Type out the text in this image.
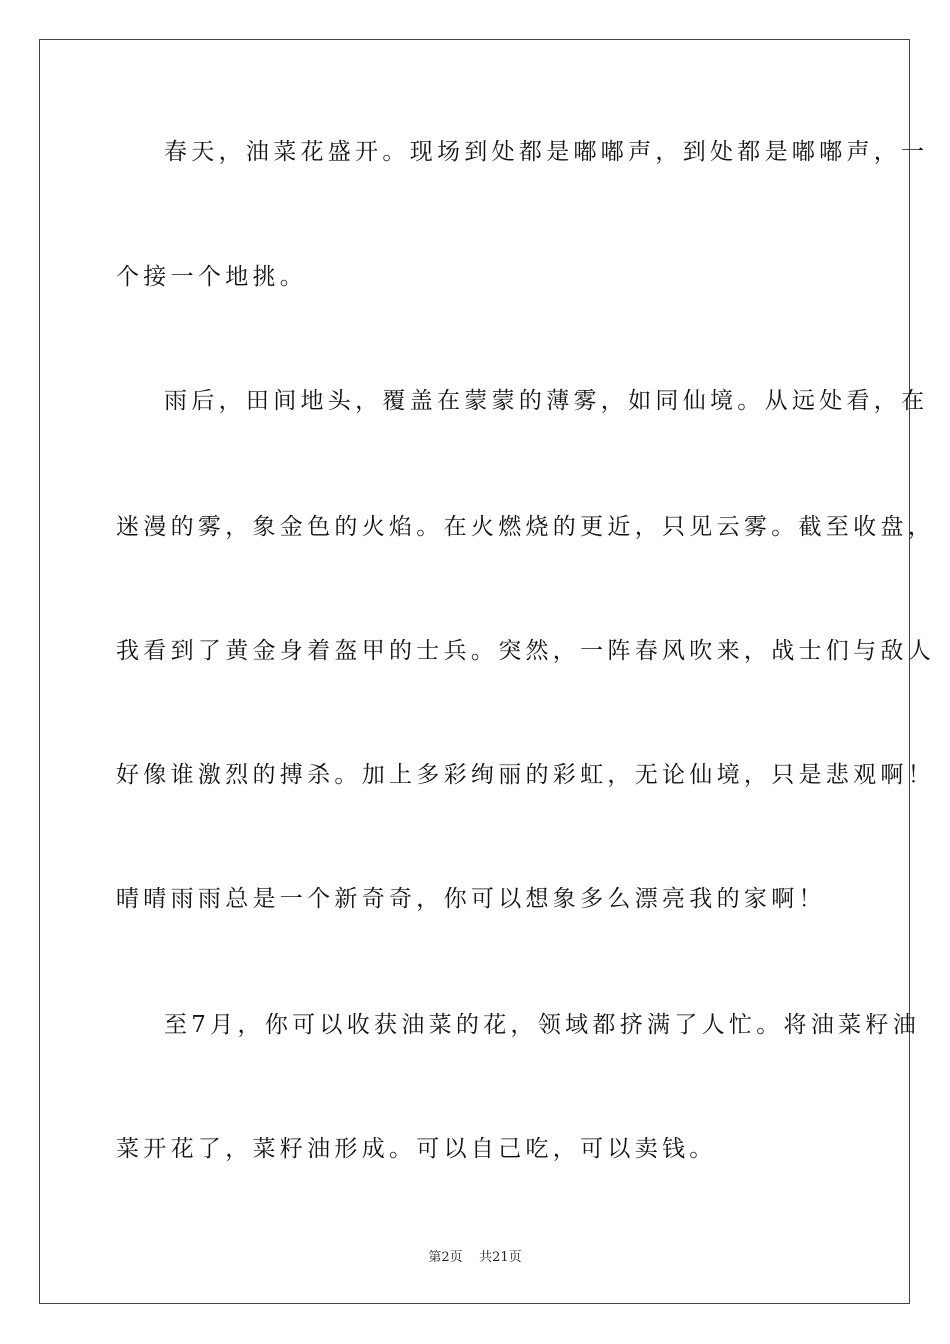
春天，油菜花盛开。现场到处都是嘟嘟声，到处都是嘟嘟声，一
个接一个地挑。
雨后，田间地头，覆盖在蒙蒙的薄雾，如同仙境。从远处看，在
迷漫的雾，象金色的火焰。在火燃烧的更近，只见云雾。截至收盘，
我看到了黄金身着盔甲的士兵。突然，一阵春风吹来，战士们与敌人
好像谁激烈的搏杀。加上多彩绚丽的彩虹，无论仙境，只是悲观啊！
晴晴雨雨总是一个新奇奇，你可以想象多么漂亮我的家啊！
至7月，你可以收获油菜的花，领域都挤满了人忙。将油菜籽油
菜开花了，菜籽油形成。可以自己吃，可以卖钱。
第2页 共21页
